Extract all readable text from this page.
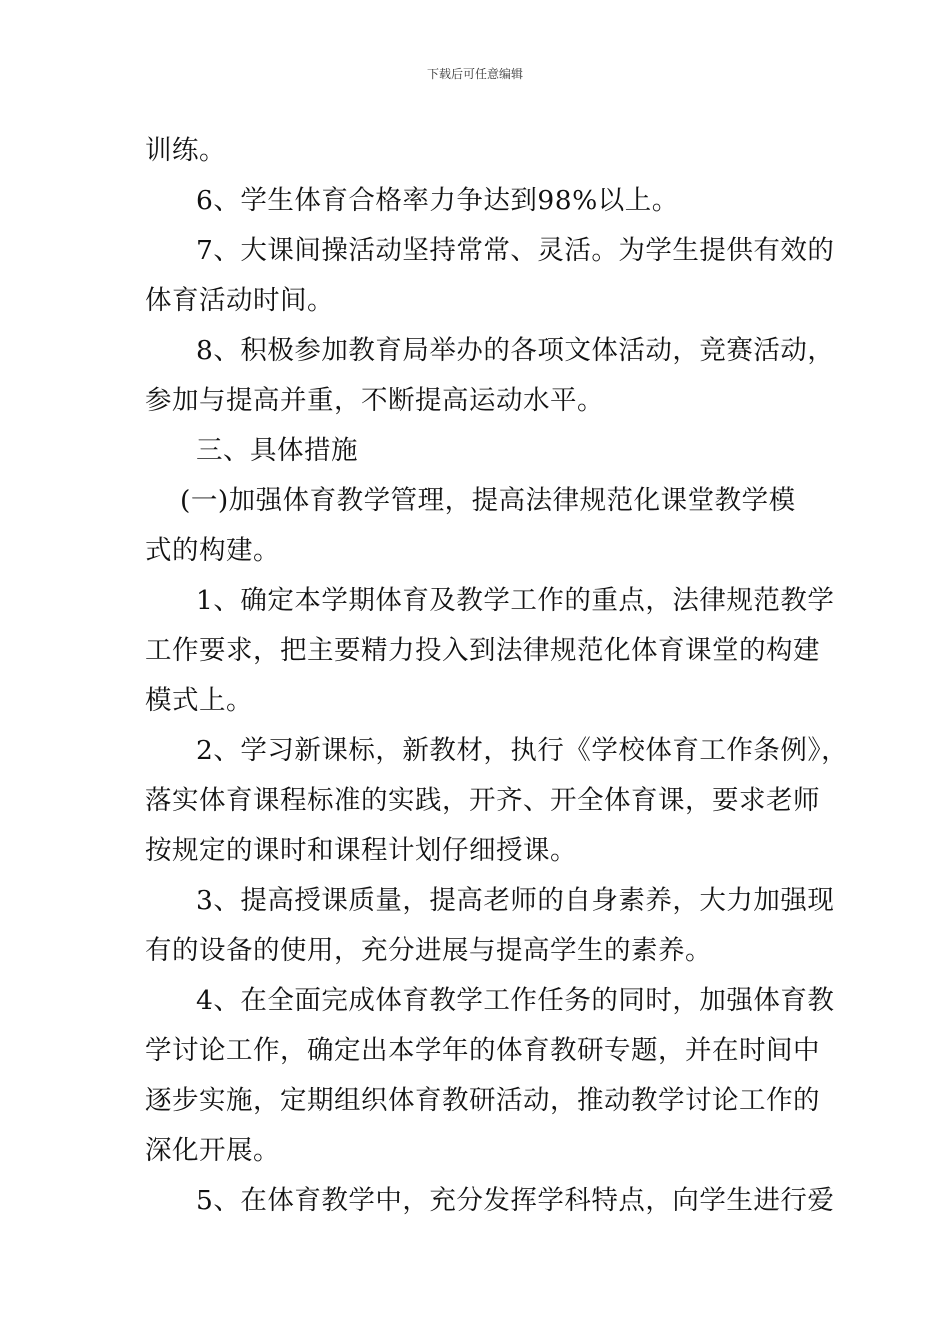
下载后可任意编辑
训练。
6、学生体育合格率力争达到98%以上。
7、大课间操活动坚持常常、灵活。为学生提供有效的
体育活动时间。
8、积极参加教育局举办的各项文体活动，竞赛活动，
参加与提高并重，不断提高运动水平。
三、具体措施
(一)加强体育教学管理，提高法律规范化课堂教学模
式的构建。
1、确定本学期体育及教学工作的重点，法律规范教学
工作要求，把主要精力投入到法律规范化体育课堂的构建
模式上。
2、学习新课标，新教材，执行《学校体育工作条例》，
落实体育课程标准的实践，开齐、开全体育课，要求老师
按规定的课时和课程计划仔细授课。
3、提高授课质量，提高老师的自身素养，大力加强现
有的设备的使用，充分进展与提高学生的素养。
4、在全面完成体育教学工作任务的同时，加强体育教
学讨论工作，确定出本学年的体育教研专题，并在时间中
逐步实施，定期组织体育教研活动，推动教学讨论工作的
深化开展。
5、在体育教学中，充分发挥学科特点，向学生进行爱
